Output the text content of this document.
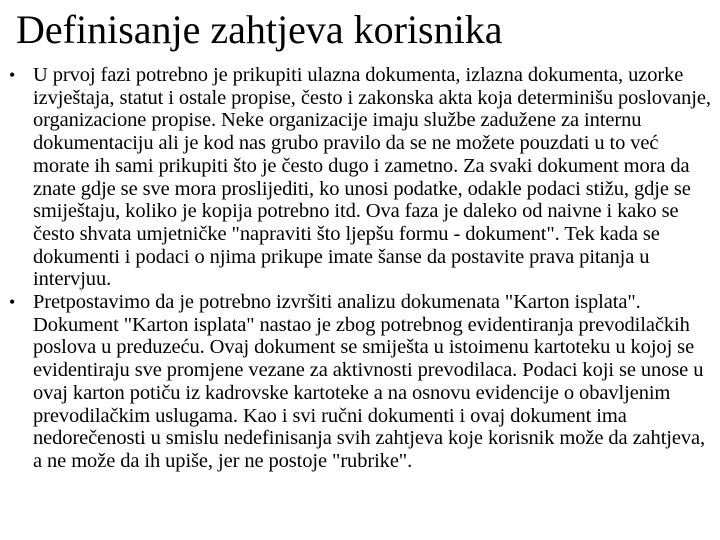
Definisanje zahtjeva korisnika
• U prvoj fazi potrebno je prikupiti ulazna dokumenta, izlazna dokumenta, uzorke izvještaja, statut i ostale propise, često i zakonska akta koja determinišu poslovanje, organizacione propise. Neke organizacije imaju službe zadužene za internu dokumentaciju ali je kod nas grubo pravilo da se ne možete pouzdati u to već morate ih sami prikupiti što je često dugo i zametno. Za svaki dokument mora da znate gdje se sve mora proslijediti, ko unosi podatke, odakle podaci stižu, gdje se smiještaju, koliko je kopija potrebno itd. Ova faza je daleko od naivne i kako se često shvata umjetničke "napraviti što ljepšu formu - dokument". Tek kada se dokumenti i podaci o njima prikupe imate šanse da postavite prava pitanja u intervjuu.
• Pretpostavimo da je potrebno izvršiti analizu dokumenata "Karton isplata". Dokument "Karton isplata" nastao je zbog potrebnog evidentiranja prevodilačkih poslova u preduzeću. Ovaj dokument se smiješta u istoimenu kartoteku u kojoj se evidentiraju sve promjene vezane za aktivnosti prevodilaca. Podaci koji se unose u ovaj karton potiču iz kadrovske kartoteke a na osnovu evidencije o obavljenim prevodilačkim uslugama. Kao i svi ručni dokumenti i ovaj dokument ima nedorečenosti u smislu nedefinisanja svih zahtjeva koje korisnik može da zahtjeva, a ne može da ih upiše, jer ne postoje "rubrike".
